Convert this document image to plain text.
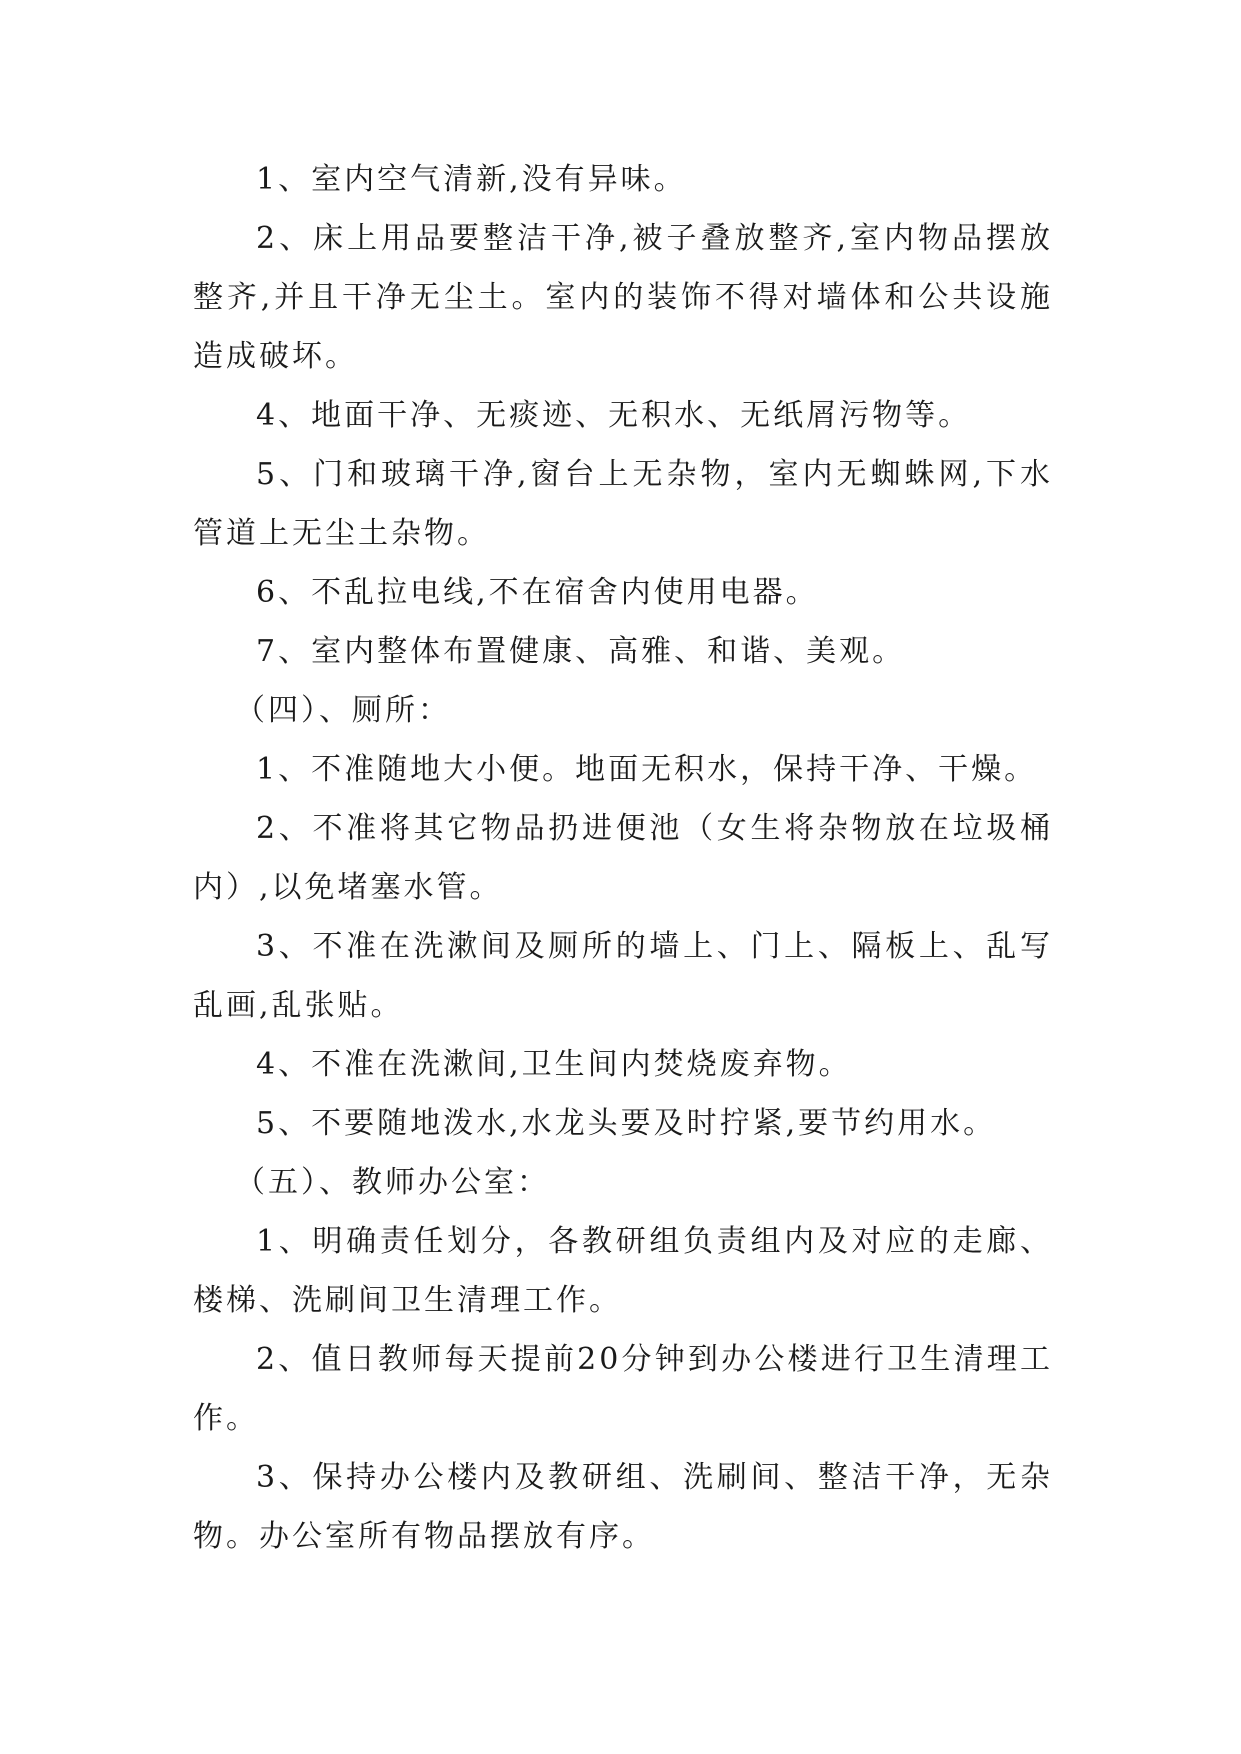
1、室内空气清新,没有异味。

2、床上用品要整洁干净,被子叠放整齐,室内物品摆放整齐,并且干净无尘土。室内的装饰不得对墙体和公共设施造成破坏。

4、地面干净、无痰迹、无积水、无纸屑污物等。

5、门和玻璃干净,窗台上无杂物，室内无蜘蛛网,下水管道上无尘土杂物。

6、不乱拉电线,不在宿舍内使用电器。

7、室内整体布置健康、高雅、和谐、美观。

（四）、厕所：

1、不准随地大小便。地面无积水，保持干净、干燥。

2、不准将其它物品扔进便池（女生将杂物放在垃圾桶内）,以免堵塞水管。

3、不准在洗漱间及厕所的墙上、门上、隔板上、乱写乱画,乱张贴。

4、不准在洗漱间,卫生间内焚烧废弃物。

5、不要随地泼水,水龙头要及时拧紧,要节约用水。

（五）、教师办公室：

1、明确责任划分，各教研组负责组内及对应的走廊、楼梯、洗刷间卫生清理工作。

2、值日教师每天提前20分钟到办公楼进行卫生清理工作。

3、保持办公楼内及教研组、洗刷间、整洁干净，无杂物。办公室所有物品摆放有序。
